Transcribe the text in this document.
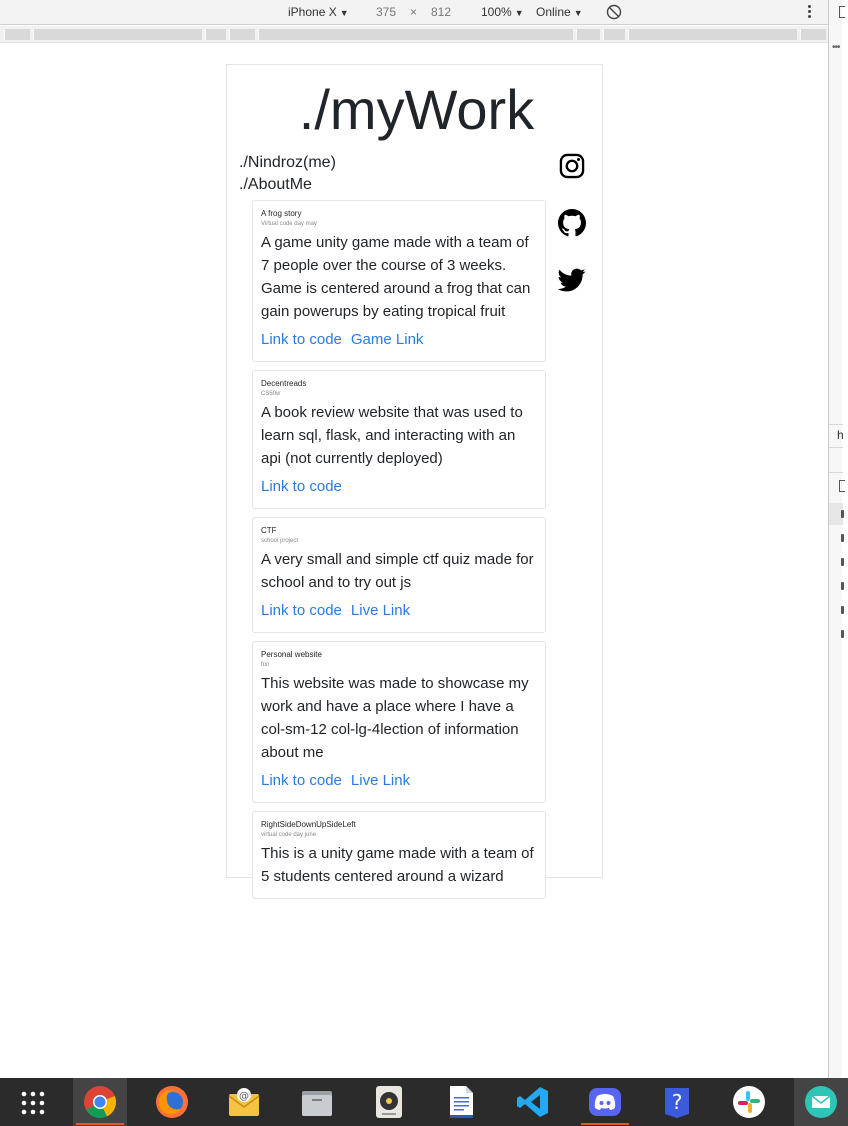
iPhone X ▼ 375 × 812 100% ▼ Online ▼
•••
h
./myWork
./Nindroz(me)
./AboutMe
A frog story
Virtual code day may
A game unity game made with a team of 7 people over the course of 3 weeks. Game is centered around a frog that can gain powerups by eating tropical fruit
Link to code Game Link
Decentreads
CS50w
A book review website that was used to learn sql, flask, and interacting with an api (not currently deployed)
Link to code
CTF
school project
A very small and simple ctf quiz made for school and to try out js
Link to code Live Link
Personal website
fun
This website was made to showcase my work and have a place where I have a col-sm-12 col-lg-4lection of information about me
Link to code Live Link
RightSideDownUpSideLeft
virtual code day june
This is a unity game made with a team of 5 students centered around a wizard
@	?
